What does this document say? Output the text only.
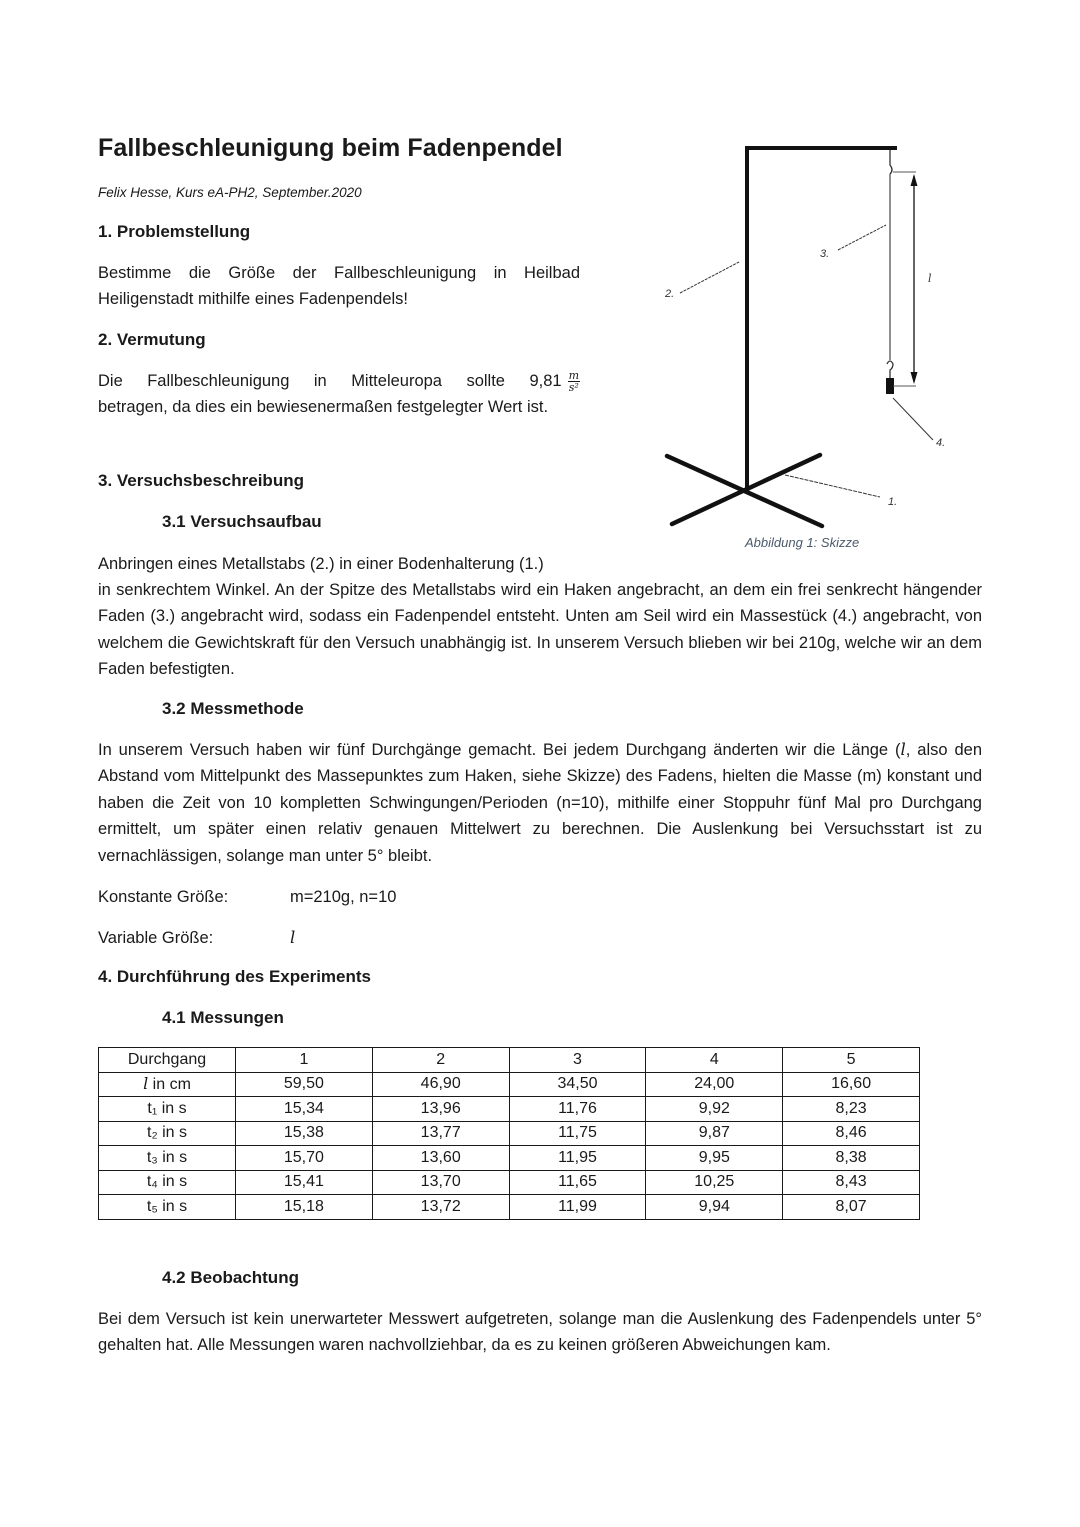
Fallbeschleunigung beim Fadenpendel
Felix Hesse, Kurs eA-PH2, September.2020
1. Problemstellung
Bestimme die Größe der Fallbeschleunigung in Heilbad Heiligenstadt mithilfe eines Fadenpendels!
2. Vermutung
Die Fallbeschleunigung in Mitteleuropa sollte $9,81 \frac{m}{\text{s²}}$
betragen, da dies ein bewiesenermaßen festgelegter Wert ist.
3. Versuchsbeschreibung
3.1 Versuchsaufbau
Anbringen eines Metallstabs (2.) in einer Bodenhalterung (1.)
in senkrechtem Winkel. An der Spitze des Metallstabs wird ein Haken angebracht, an dem ein frei senkrecht hängender Faden (3.) angebracht wird, sodass ein Fadenpendel entsteht. Unten am Seil wird ein Massestück (4.) angebracht, von welchem die Gewichtskraft für den Versuch unabhängig ist. In unserem Versuch blieben wir bei 210g, welche wir an dem Faden befestigten.
3.2 Messmethode
In unserem Versuch haben wir fünf Durchgänge gemacht. Bei jedem Durchgang änderten wir die Länge (l, also den Abstand vom Mittelpunkt des Massepunktes zum Haken, siehe Skizze) des Fadens, hielten die Masse (m) konstant und haben die Zeit von 10 kompletten Schwingungen/Perioden (n=10), mithilfe einer Stoppuhr fünf Mal pro Durchgang ermittelt, um später einen relativ genauen Mittelwert zu berechnen. Die Auslenkung bei Versuchsstart ist zu vernachlässigen, solange man unter 5° bleibt.
Konstante Größe:	m=210g, n=10
Variable Größe:	l
4. Durchführung des Experiments
4.1 Messungen
Durchgang	1	2	3	4	5
l in cm	59,50	46,90	34,50	24,00	16,60
t₁ in s	15,34	13,96	11,76	9,92	8,23
t₂ in s	15,38	13,77	11,75	9,87	8,46
t₃ in s	15,70	13,60	11,95	9,95	8,38
t₄ in s	15,41	13,70	11,65	10,25	8,43
t₅ in s	15,18	13,72	11,99	9,94	8,07
4.2 Beobachtung
Bei dem Versuch ist kein unerwarteter Messwert aufgetreten, solange man die Auslenkung des Fadenpendels unter 5° gehalten hat. Alle Messungen waren nachvollziehbar, da es zu keinen größeren Abweichungen kam.
2.
3.
4.
1.
l
Abbildung 1: Skizze
